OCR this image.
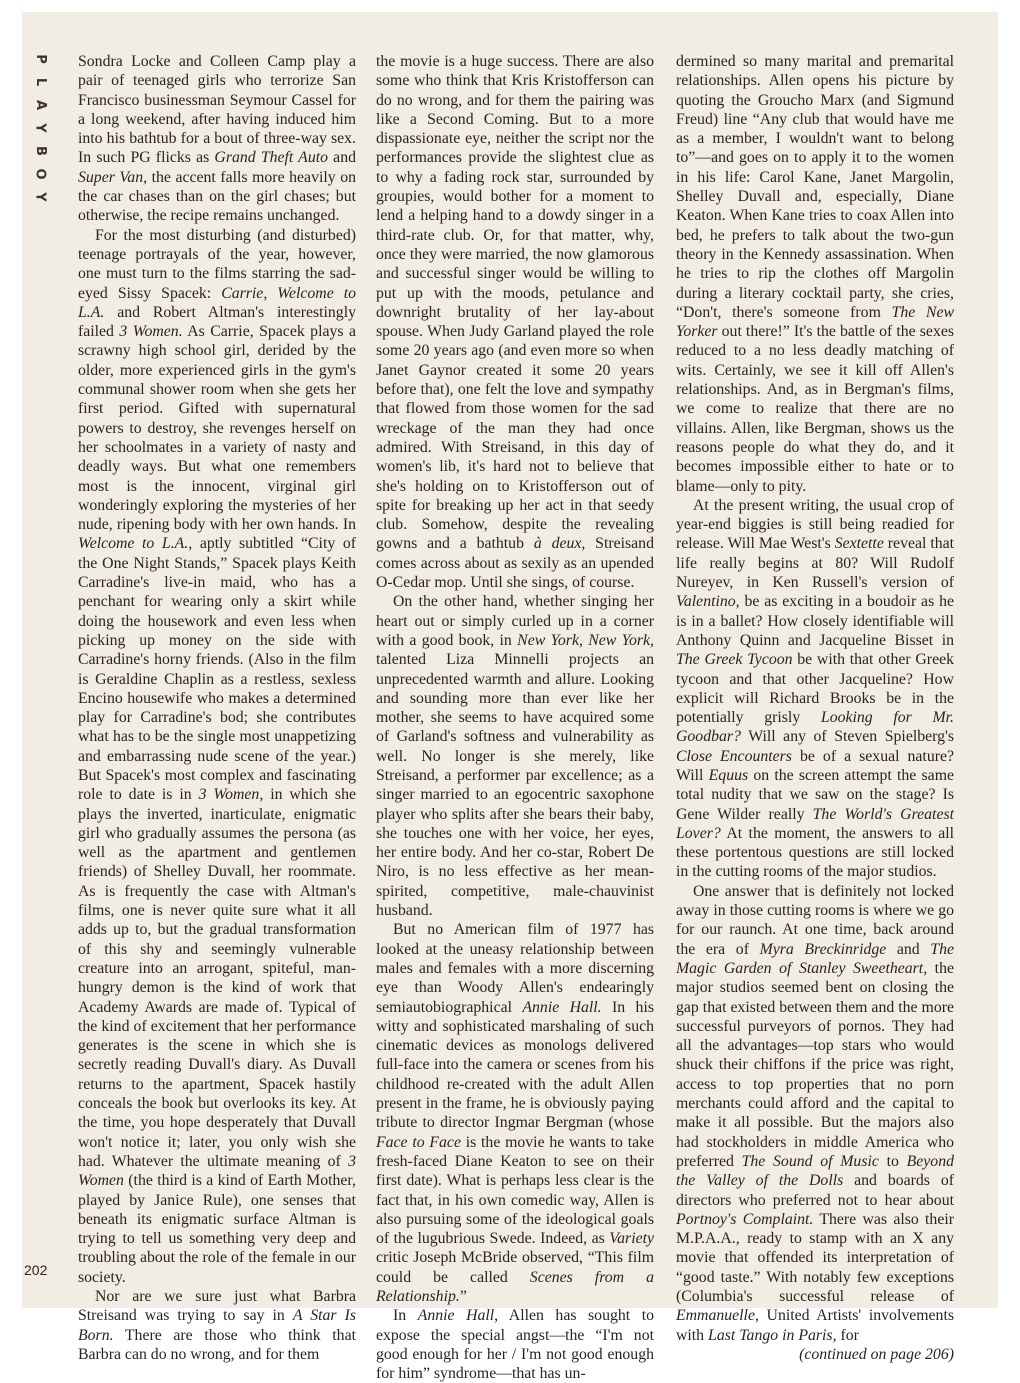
P
L
A
Y
B
O
Y

Sondra Locke and Colleen Camp play a pair of teenaged girls who terrorize San Francisco businessman Seymour Cassel for a long weekend, after having induced him into his bathtub for a bout of three-way sex. In such PG flicks as Grand Theft Auto and Super Van, the accent falls more heavily on the car chases than on the girl chases; but otherwise, the recipe remains unchanged.

For the most disturbing (and disturbed) teenage portrayals of the year, however, one must turn to the films starring the sad-eyed Sissy Spacek: Carrie, Welcome to L.A. and Robert Altman's interestingly failed 3 Women. As Carrie, Spacek plays a scrawny high school girl, derided by the older, more experienced girls in the gym's communal shower room when she gets her first period. Gifted with supernatural powers to destroy, she revenges herself on her schoolmates in a variety of nasty and deadly ways. But what one remembers most is the innocent, virginal girl wonderingly exploring the mysteries of her nude, ripening body with her own hands. In Welcome to L.A., aptly subtitled “City of the One Night Stands,” Spacek plays Keith Carradine's live-in maid, who has a penchant for wearing only a skirt while doing the housework and even less when picking up money on the side with Carradine's horny friends. (Also in the film is Geraldine Chaplin as a restless, sexless Encino housewife who makes a determined play for Carradine's bod; she contributes what has to be the single most unappetizing and embarrassing nude scene of the year.) But Spacek's most complex and fascinating role to date is in 3 Women, in which she plays the inverted, inarticulate, enigmatic girl who gradually assumes the persona (as well as the apartment and gentlemen friends) of Shelley Duvall, her roommate. As is frequently the case with Altman's films, one is never quite sure what it all adds up to, but the gradual transformation of this shy and seemingly vulnerable creature into an arrogant, spiteful, man-hungry demon is the kind of work that Academy Awards are made of. Typical of the kind of excitement that her performance generates is the scene in which she is secretly reading Duvall's diary. As Duvall returns to the apartment, Spacek hastily conceals the book but overlooks its key. At the time, you hope desperately that Duvall won't notice it; later, you only wish she had. Whatever the ultimate meaning of 3 Women (the third is a kind of Earth Mother, played by Janice Rule), one senses that beneath its enigmatic surface Altman is trying to tell us something very deep and troubling about the role of the female in our society.

Nor are we sure just what Barbra Streisand was trying to say in A Star Is Born. There are those who think that Barbra can do no wrong, and for them

the movie is a huge success. There are also some who think that Kris Kristofferson can do no wrong, and for them the pairing was like a Second Coming. But to a more dispassionate eye, neither the script nor the performances provide the slightest clue as to why a fading rock star, surrounded by groupies, would bother for a moment to lend a helping hand to a dowdy singer in a third-rate club. Or, for that matter, why, once they were married, the now glamorous and successful singer would be willing to put up with the moods, petulance and downright brutality of her lay-about spouse. When Judy Garland played the role some 20 years ago (and even more so when Janet Gaynor created it some 20 years before that), one felt the love and sympathy that flowed from those women for the sad wreckage of the man they had once admired. With Streisand, in this day of women's lib, it's hard not to believe that she's holding on to Kristofferson out of spite for breaking up her act in that seedy club. Somehow, despite the revealing gowns and a bathtub à deux, Streisand comes across about as sexily as an upended O-Cedar mop. Until she sings, of course.

On the other hand, whether singing her heart out or simply curled up in a corner with a good book, in New York, New York, talented Liza Minnelli projects an unprecedented warmth and allure. Looking and sounding more than ever like her mother, she seems to have acquired some of Garland's softness and vulnerability as well. No longer is she merely, like Streisand, a performer par excellence; as a singer married to an egocentric saxophone player who splits after she bears their baby, she touches one with her voice, her eyes, her entire body. And her co-star, Robert De Niro, is no less effective as her mean-spirited, competitive, male-chauvinist husband.

But no American film of 1977 has looked at the uneasy relationship between males and females with a more discerning eye than Woody Allen's endearingly semiautobiographical Annie Hall. In his witty and sophisticated marshaling of such cinematic devices as monologs delivered full-face into the camera or scenes from his childhood re-created with the adult Allen present in the frame, he is obviously paying tribute to director Ingmar Bergman (whose Face to Face is the movie he wants to take fresh-faced Diane Keaton to see on their first date). What is perhaps less clear is the fact that, in his own comedic way, Allen is also pursuing some of the ideological goals of the lugubrious Swede. Indeed, as Variety critic Joseph McBride observed, “This film could be called Scenes from a Relationship.”

In Annie Hall, Allen has sought to expose the special angst—the “I'm not good enough for her / I'm not good enough for him” syndrome—that has un-

dermined so many marital and premarital relationships. Allen opens his picture by quoting the Groucho Marx (and Sigmund Freud) line “Any club that would have me as a member, I wouldn't want to belong to”—and goes on to apply it to the women in his life: Carol Kane, Janet Margolin, Shelley Duvall and, especially, Diane Keaton. When Kane tries to coax Allen into bed, he prefers to talk about the two-gun theory in the Kennedy assassination. When he tries to rip the clothes off Margolin during a literary cocktail party, she cries, “Don't, there's someone from The New Yorker out there!” It's the battle of the sexes reduced to a no less deadly matching of wits. Certainly, we see it kill off Allen's relationships. And, as in Bergman's films, we come to realize that there are no villains. Allen, like Bergman, shows us the reasons people do what they do, and it becomes impossible either to hate or to blame—only to pity.

At the present writing, the usual crop of year-end biggies is still being readied for release. Will Mae West's Sextette reveal that life really begins at 80? Will Rudolf Nureyev, in Ken Russell's version of Valentino, be as exciting in a boudoir as he is in a ballet? How closely identifiable will Anthony Quinn and Jacqueline Bisset in The Greek Tycoon be with that other Greek tycoon and that other Jacqueline? How explicit will Richard Brooks be in the potentially grisly Looking for Mr. Goodbar? Will any of Steven Spielberg's Close Encounters be of a sexual nature? Will Equus on the screen attempt the same total nudity that we saw on the stage? Is Gene Wilder really The World's Greatest Lover? At the moment, the answers to all these portentous questions are still locked in the cutting rooms of the major studios.

One answer that is definitely not locked away in those cutting rooms is where we go for our raunch. At one time, back around the era of Myra Breckinridge and The Magic Garden of Stanley Sweetheart, the major studios seemed bent on closing the gap that existed between them and the more successful purveyors of pornos. They had all the advantages—top stars who would shuck their chiffons if the price was right, access to top properties that no porn merchants could afford and the capital to make it all possible. But the majors also had stockholders in middle America who preferred The Sound of Music to Beyond the Valley of the Dolls and boards of directors who preferred not to hear about Portnoy's Complaint. There was also their M.P.A.A., ready to stamp with an X any movie that offended its interpretation of “good taste.” With notably few exceptions (Columbia's successful release of Emmanuelle, United Artists' involvements with Last Tango in Paris, for

(continued on page 206)
202
